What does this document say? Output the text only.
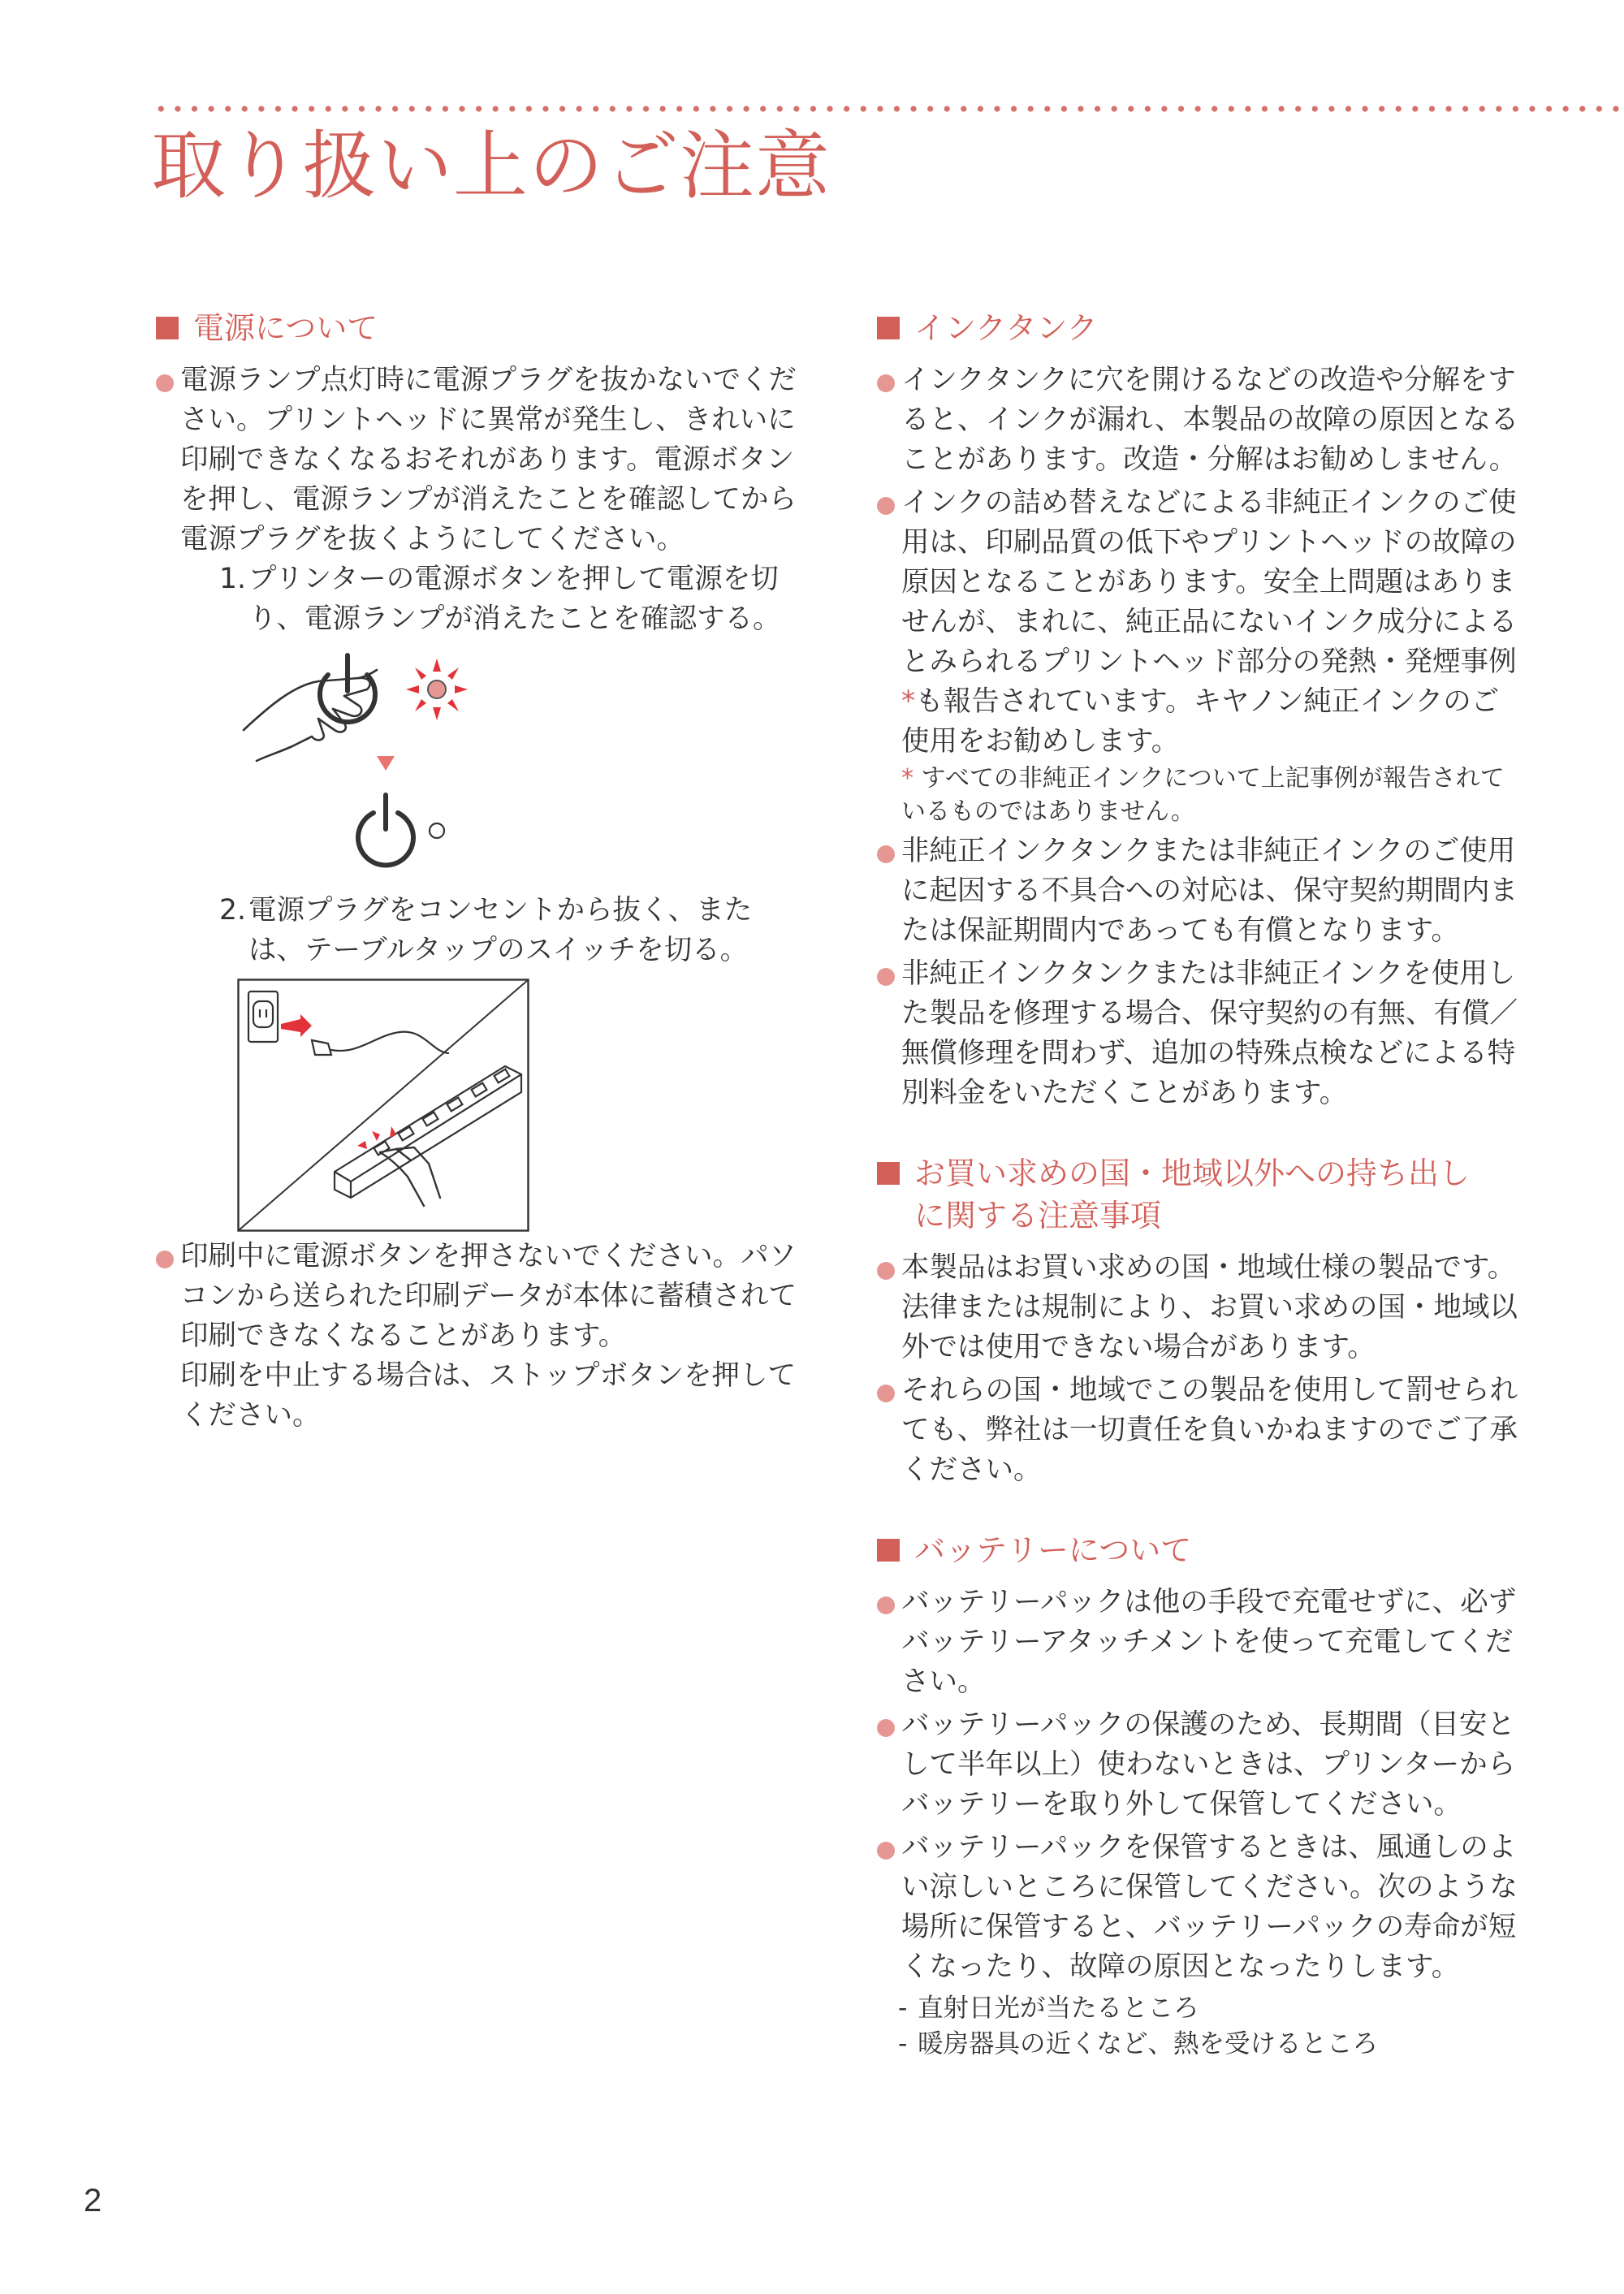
取り扱い上のご注意
電源について
電源ランプ点灯時に電源プラグを抜かないでください。プリントヘッドに異常が発生し、きれいに印刷できなくなるおそれがあります。電源ボタンを押し、電源ランプが消えたことを確認してから電源プラグを抜くようにしてください。
1. プリンターの電源ボタンを押して電源を切り、電源ランプが消えたことを確認する。
2. 電源プラグをコンセントから抜く、または、テーブルタップのスイッチを切る。
印刷中に電源ボタンを押さないでください。パソコンから送られた印刷データが本体に蓄積されて印刷できなくなることがあります。
印刷を中止する場合は、ストップボタンを押してください。
インクタンク
インクタンクに穴を開けるなどの改造や分解をすると、インクが漏れ、本製品の故障の原因となることがあります。改造・分解はお勧めしません。
インクの詰め替えなどによる非純正インクのご使用は、印刷品質の低下やプリントヘッドの故障の原因となることがあります。安全上問題はありませんが、まれに、純正品にないインク成分によるとみられるプリントヘッド部分の発熱・発煙事例*も報告されています。キヤノン純正インクのご使用をお勧めします。
* すべての非純正インクについて上記事例が報告されているものではありません。
非純正インクタンクまたは非純正インクのご使用に起因する不具合への対応は、保守契約期間内または保証期間内であっても有償となります。
非純正インクタンクまたは非純正インクを使用した製品を修理する場合、保守契約の有無、有償／無償修理を問わず、追加の特殊点検などによる特別料金をいただくことがあります。
お買い求めの国・地域以外への持ち出し
に関する注意事項
本製品はお買い求めの国・地域仕様の製品です。法律または規制により、お買い求めの国・地域以外では使用できない場合があります。
それらの国・地域でこの製品を使用して罰せられても、弊社は一切責任を負いかねますのでご了承ください。
バッテリーについて
バッテリーパックは他の手段で充電せずに、必ずバッテリーアタッチメントを使って充電してください。
バッテリーパックの保護のため、長期間（目安として半年以上）使わないときは、プリンターからバッテリーを取り外して保管してください。
バッテリーパックを保管するときは、風通しのよい涼しいところに保管してください。次のような場所に保管すると、バッテリーパックの寿命が短くなったり、故障の原因となったりします。
- 直射日光が当たるところ
- 暖房器具の近くなど、熱を受けるところ
2
